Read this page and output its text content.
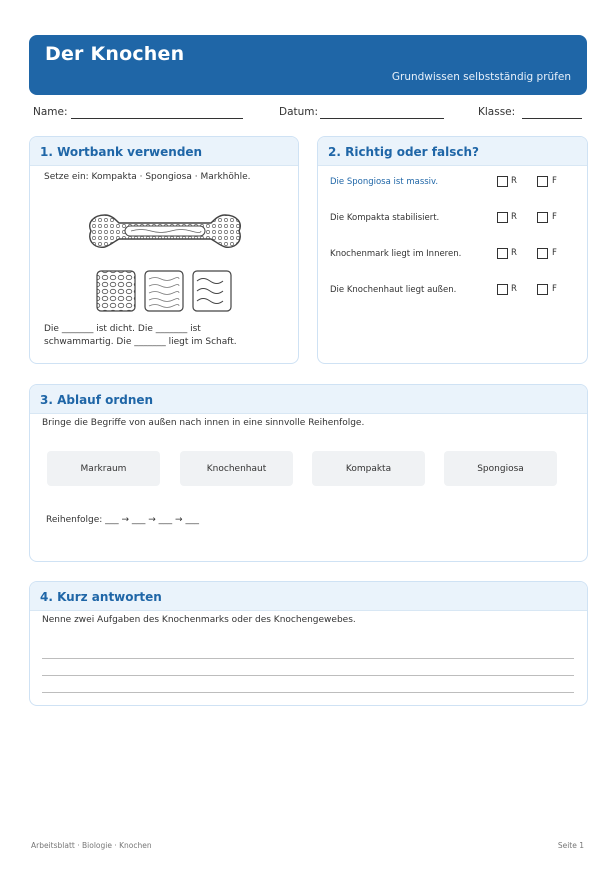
Der Knochen
Grundwissen selbstständig prüfen
Name:	Datum:	Klasse:
1. Wortbank verwenden
Setze ein: Kompakta · Spongiosa · Markhöhle.
Die _______ ist dicht. Die _______ ist schwammartig. Die _______ liegt im Schaft.
2. Richtig oder falsch?
Die Spongiosa ist massiv.	R	F
Die Kompakta stabilisiert.	R	F
Knochenmark liegt im Inneren.	R	F
Die Knochenhaut liegt außen.	R	F
3. Ablauf ordnen
Bringe die Begriffe von außen nach innen in eine sinnvolle Reihenfolge.
Markraum	Knochenhaut	Kompakta	Spongiosa
Reihenfolge: ___ → ___ → ___ → ___
4. Kurz antworten
Nenne zwei Aufgaben des Knochenmarks oder des Knochengewebes.
Arbeitsblatt · Biologie · Knochen	Seite 1
